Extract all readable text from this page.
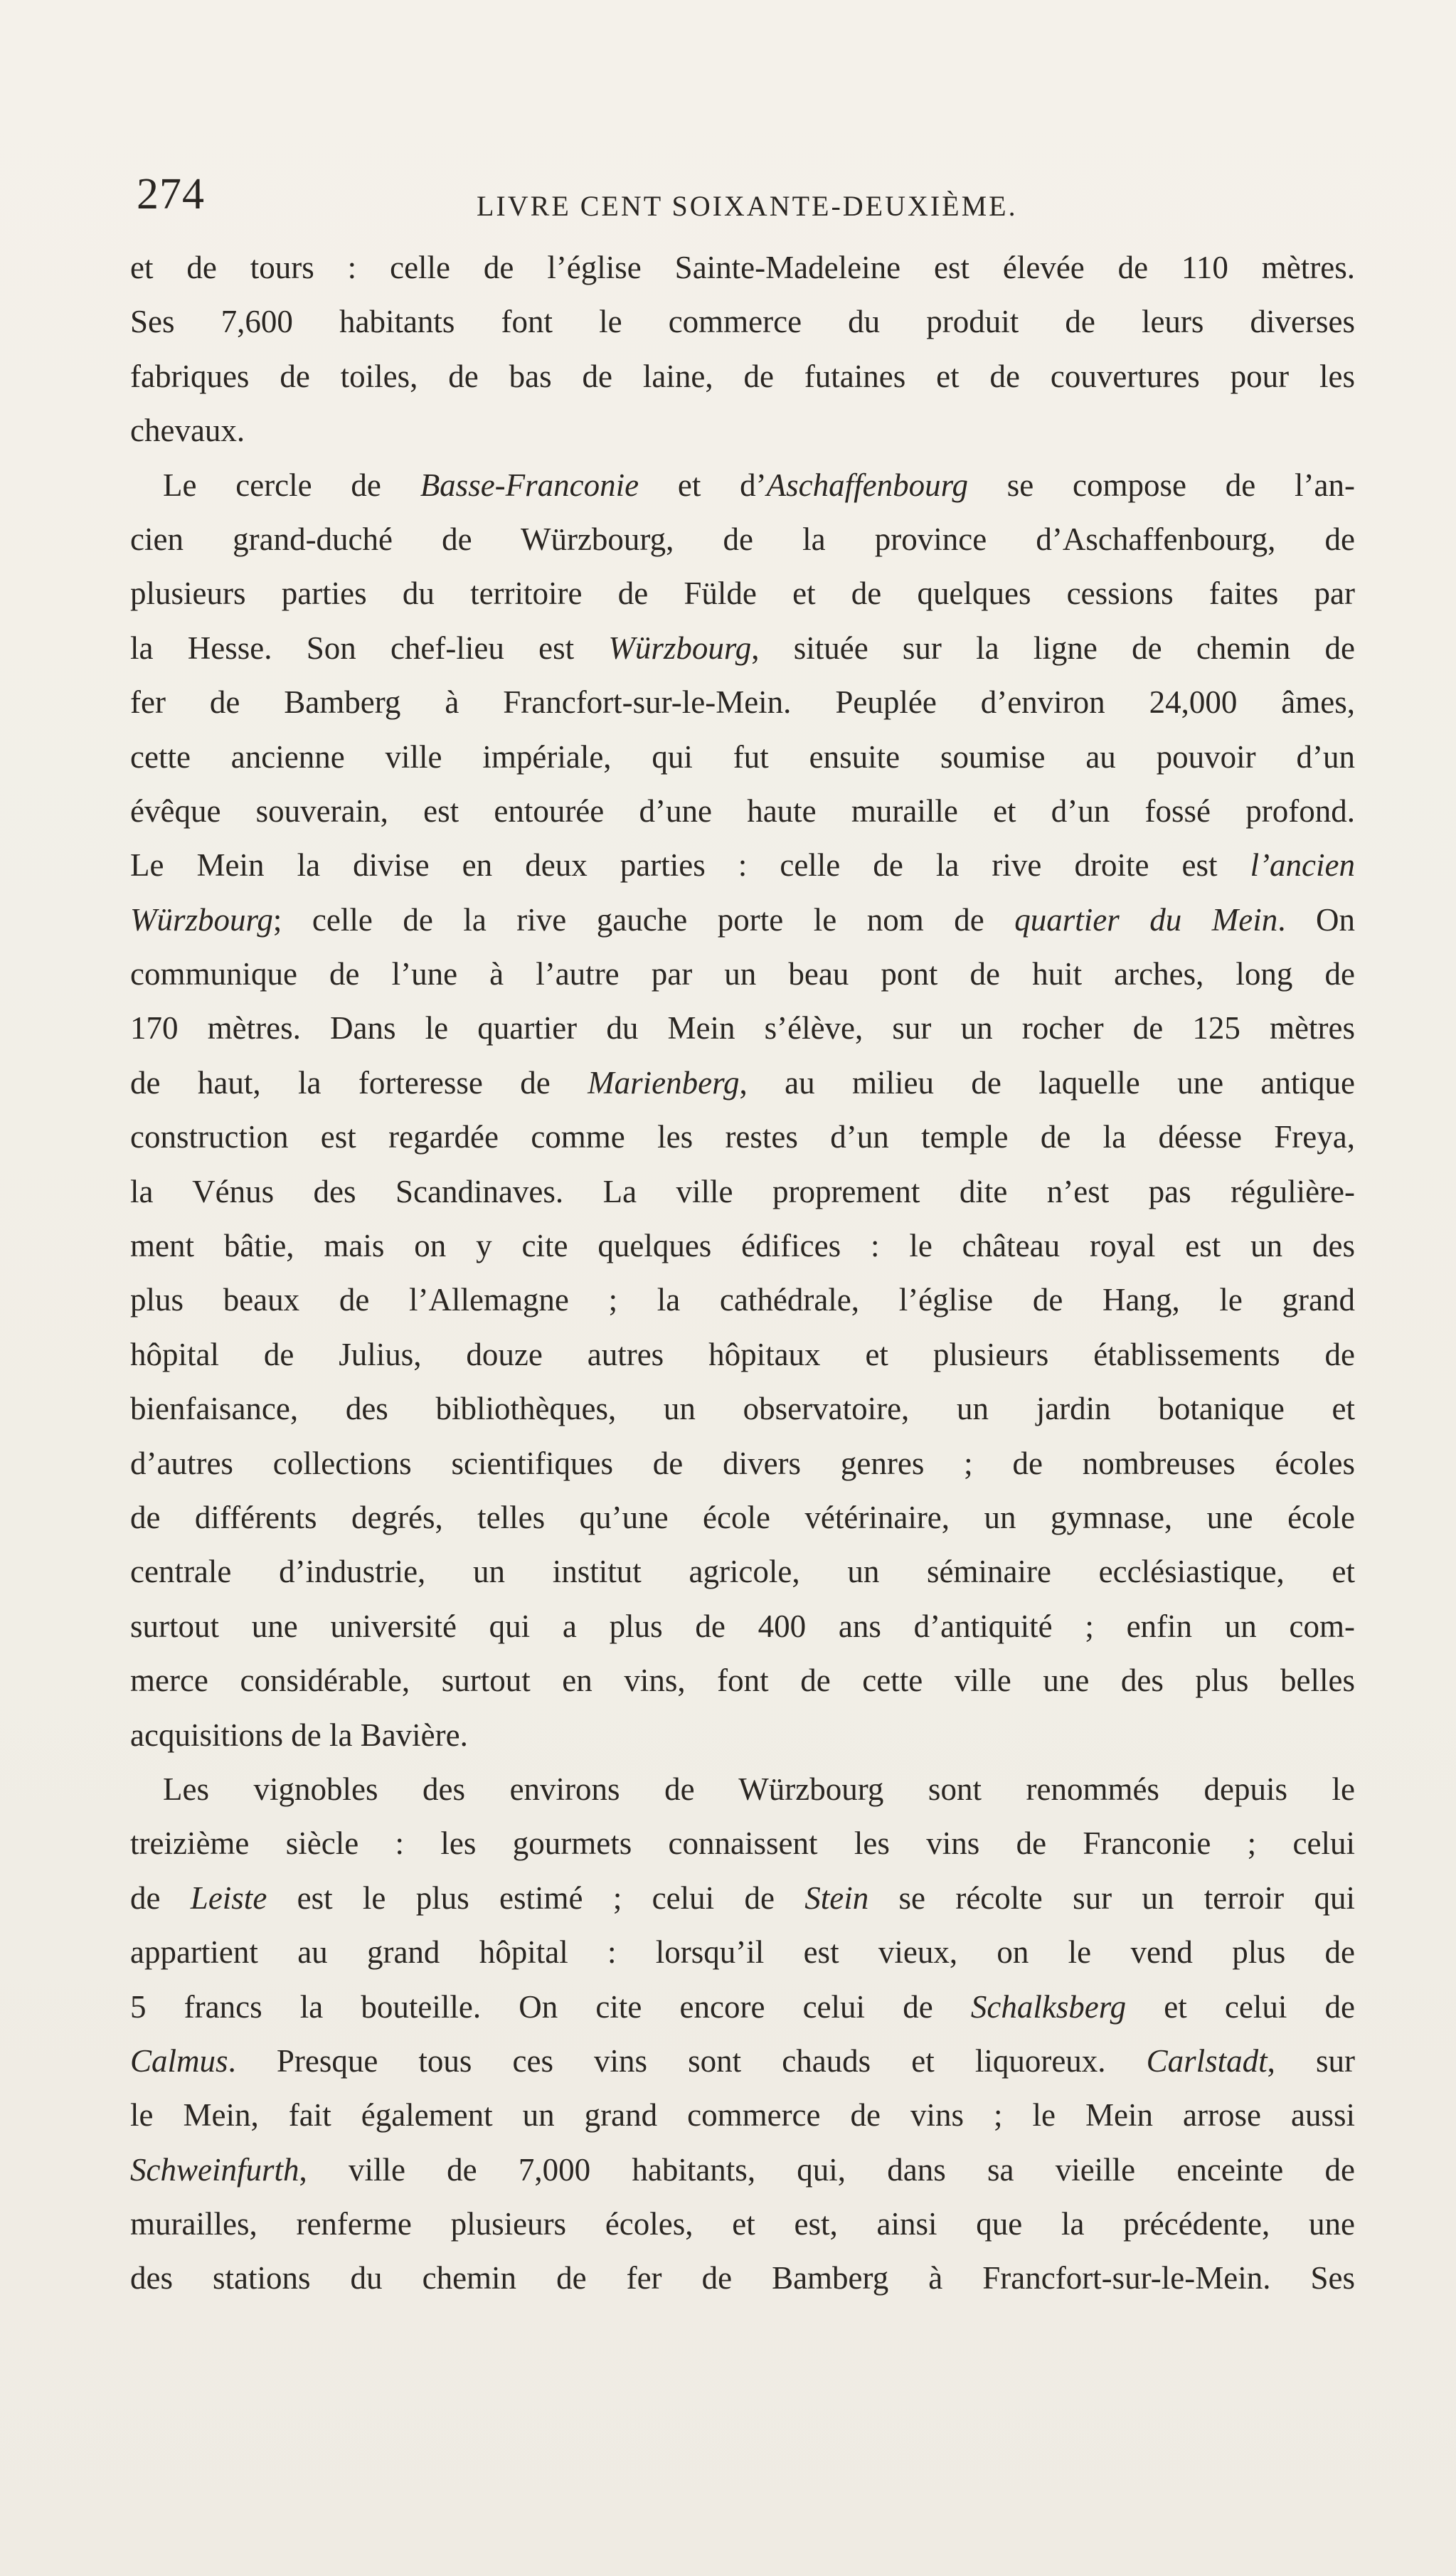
274	LIVRE CENT SOIXANTE-DEUXIÈME.
et de tours : celle de l’église Sainte-Madeleine est élevée de 110 mètres.
Ses 7,600 habitants font le commerce du produit de leurs diverses
fabriques de toiles, de bas de laine, de futaines et de couvertures pour les
chevaux.
Le cercle de Basse-Franconie et d’Aschaffenbourg se compose de l’an-
cien grand-duché de Würzbourg, de la province d’Aschaffenbourg, de
plusieurs parties du territoire de Fülde et de quelques cessions faites par
la Hesse. Son chef-lieu est Würzbourg, située sur la ligne de chemin de
fer de Bamberg à Francfort-sur-le-Mein. Peuplée d’environ 24,000 âmes,
cette ancienne ville impériale, qui fut ensuite soumise au pouvoir d’un
évêque souverain, est entourée d’une haute muraille et d’un fossé profond.
Le Mein la divise en deux parties : celle de la rive droite est l’ancien
Würzbourg; celle de la rive gauche porte le nom de quartier du Mein. On
communique de l’une à l’autre par un beau pont de huit arches, long de
170 mètres. Dans le quartier du Mein s’élève, sur un rocher de 125 mètres
de haut, la forteresse de Marienberg, au milieu de laquelle une antique
construction est regardée comme les restes d’un temple de la déesse Freya,
la Vénus des Scandinaves. La ville proprement dite n’est pas régulière-
ment bâtie, mais on y cite quelques édifices : le château royal est un des
plus beaux de l’Allemagne ; la cathédrale, l’église de Hang, le grand
hôpital de Julius, douze autres hôpitaux et plusieurs établissements de
bienfaisance, des bibliothèques, un observatoire, un jardin botanique et
d’autres collections scientifiques de divers genres ; de nombreuses écoles
de différents degrés, telles qu’une école vétérinaire, un gymnase, une école
centrale d’industrie, un institut agricole, un séminaire ecclésiastique, et
surtout une université qui a plus de 400 ans d’antiquité ; enfin un com-
merce considérable, surtout en vins, font de cette ville une des plus belles
acquisitions de la Bavière.
Les vignobles des environs de Würzbourg sont renommés depuis le
treizième siècle : les gourmets connaissent les vins de Franconie ; celui
de Leiste est le plus estimé ; celui de Stein se récolte sur un terroir qui
appartient au grand hôpital : lorsqu’il est vieux, on le vend plus de
5 francs la bouteille. On cite encore celui de Schalksberg et celui de
Calmus. Presque tous ces vins sont chauds et liquoreux. Carlstadt, sur
le Mein, fait également un grand commerce de vins ; le Mein arrose aussi
Schweinfurth, ville de 7,000 habitants, qui, dans sa vieille enceinte de
murailles, renferme plusieurs écoles, et est, ainsi que la précédente, une
des stations du chemin de fer de Bamberg à Francfort-sur-le-Mein. Ses
